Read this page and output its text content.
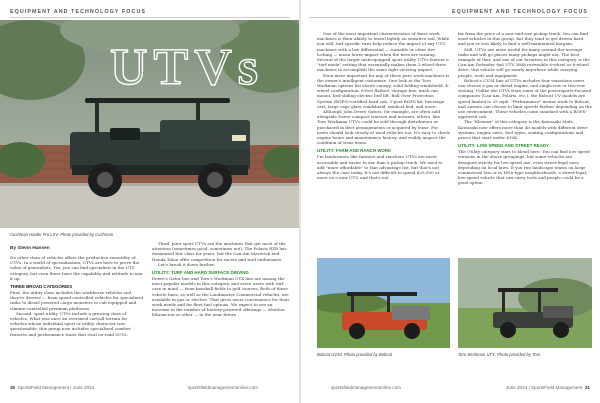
EQUIPMENT AND TECHNOLOGY FOCUS
UTVs
Cushman Hauler Pro LSV. Photo provided by Cushman
By Glenn Hansen

No other class of vehicles offers the productive versatility of UTVs. In a world of specialization, UTVs are here to prove the value of generalists. Yes, you can find specialists in the UTV category, but even those have the capability and attitude to mix it up.

THREE BROAD CATEGORIES

First, the utility class includes the workhorse vehicles and they're diverse — from speed-controlled vehicles for specialized tasks to diesel powered cargo monsters to cab-equipped and climate-controlled premium platforms.

Second, sport utility UTVs include a growing class of vehicles. What was once an oversized cart/all-terrain for vehicles whose individual sport or utility character was questionable, this group now includes specialized comfort features and performance traits that rival on-road SUVs.

Third, pure sport UTVs are the machines that get most of the attention (sometimes good, sometimes not). The Polaris RZR has dominated this class for years, but the Can-Am Maverick and Honda Talon offer competition for racers and trail enthusiasts.

Let's break it down further.

UTILITY: TURF AND HARD SURFACE DRIVING

Deere's Gator line and Toro's Workman UTX line are among the most popular models in this category, and serve users with turf care in mind — from baseball fields to golf courses. Both of these vehicle lines, as well as the Landmaster Commercial vehicles, are available in gas or electric. That gives users convenience for their work needs and for fleet fuel options. We expect to see an increase in the number of battery-powered offerings — whether lithium-ion or other — in the near future.

30 SportsField Management | June 2024	sportsfieldmanagementonline.com
EQUIPMENT AND TECHNOLOGY FOCUS

One of the most important characteristics of these work machines is their ability to travel lightly on sensitive soil. While you will, turf specific tires help reduce the impact of any UTV, machines with a low differential — turnable or other tire locking — mean lower impact when the tires are turning. Several of the larger task-equipped sport utility UTVs feature a "turf mode" setting that essentially makes them 2-wheel-drive machines to accomplish the same tight steering impact.

Even more important for any of these pure work machines is the owner's intelligent customize. One look at the Toro Workman options list shows canopy, solid folding windshield, 4-wheel configuration, 6-foot flatbed, storage box, trash can mount, bed-sliding electric bed lift, Roll Over Protection System (ROPS)-certified hard cab, 2-post ROPS kit, beverage cart, large cage glass windshield, medical bed, and more.

Although John Deere Gators, for example, are often sold alongside Deere compact tractors and mowers, others, like Toro Workman UTVs could be sold through distributors or purchased in fleet arrangements or acquired by lease. For users should look closely at used vehicles too. It's easy to check engine hours and maintenance history, and visibly inspect the condition of wear items.

UTILITY: FARM AND RANCH WORK

I'm landowners like farmers and ranchers UTVs are more accessible and easier to use than a pickup truck. We used to add "more affordable" to that advantage list, but that's not always the case today. It's not difficult to spend $25,000 or more on a new UTV, and that's not

far from the price of a new mid-size pickup truck. You can find used vehicles in this group, but they tend to get driven hard, and you're less likely to find a well-maintained bargain.

Still, UTVs are more useful for many around-the-acreage tasks and will go places many pickups might not. The best example of that, and one of our favorites in this category, is the Can-Am Defender 6x6 UTV. With reversible 6-wheel or 6-wheel drive, this vehicle will go nearly anywhere while carrying people, tools and equipment.

Bobcat's UV34 line of UTVs includes four variations users can choose a gas or diesel engine, and single-row or two-row seating. Unlike the UTVs from some of the powersports-focused companies (Can-Am, Polaris, etc.), the Bobcat UV models are speed limited to 25 mph. "Performance" means work to Bobcat, and owners can choose to limit speeds further depending on the use environment. These vehicles come standard with a ROPS-approved cab.

The "Kleenex" of this category is the Kawasaki Mule. Kawasaki now offers more than 40 models with different drive systems, engine sizes, fuel types, seating configurations and prices that start under $10K.

UTILITY: LOW SPEED AND STREET READY

The Utility category start to blend here. You can find low speed versions in the above groupings, but some vehicles are designed strictly for low-speed use, even street-legal ones depending on local laws. If you run landscape teams on large commercial lots or in HOA-type neighborhoods, a street-legal, low-speed vehicle that can carry tools and people could be a good option.

Bobcat UV34. Photo provided by Bobcat	Toro Workman UTX. Photo provided by Toro
sportsfieldmanagementonline.com	June 2024 | SportsField Management 31
